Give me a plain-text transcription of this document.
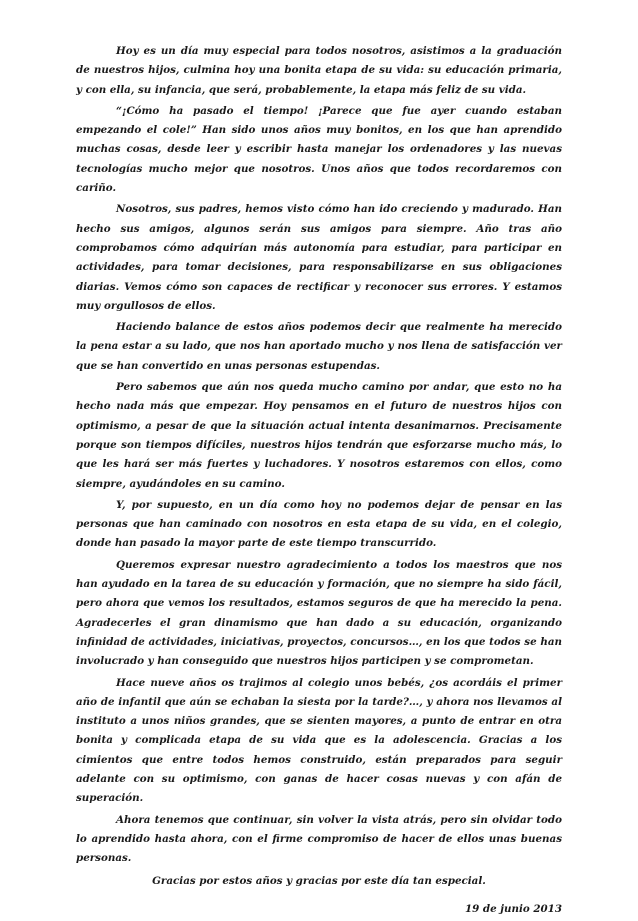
Hoy es un día muy especial para todos nosotros, asistimos a la graduación de nuestros hijos, culmina hoy una bonita etapa de su vida: su educación primaria, y con ella, su infancia, que será, probablemente, la etapa más feliz de su vida.

“¡Cómo ha pasado el tiempo! ¡Parece que fue ayer cuando estaban empezando el cole!” Han sido unos años muy bonitos, en los que han aprendido muchas cosas, desde leer y escribir hasta manejar los ordenadores y las nuevas tecnologías mucho mejor que nosotros. Unos años que todos recordaremos con cariño.

Nosotros, sus padres, hemos visto cómo han ido creciendo y madurado. Han hecho sus amigos, algunos serán sus amigos para siempre. Año tras año comprobamos cómo adquirían más autonomía para estudiar, para participar en actividades, para tomar decisiones, para responsabilizarse en sus obligaciones diarias. Vemos cómo son capaces de rectificar y reconocer sus errores. Y estamos muy orgullosos de ellos.

Haciendo balance de estos años podemos decir que realmente ha merecido la pena estar a su lado, que nos han aportado mucho y nos llena de satisfacción ver que se han convertido en unas personas estupendas.

Pero sabemos que aún nos queda mucho camino por andar, que esto no ha hecho nada más que empezar. Hoy pensamos en el futuro de nuestros hijos con optimismo, a pesar de que la situación actual intenta desanimarnos. Precisamente porque son tiempos difíciles, nuestros hijos tendrán que esforzarse mucho más, lo que les hará ser más fuertes y luchadores. Y nosotros estaremos con ellos, como siempre, ayudándoles en su camino.

Y, por supuesto, en un día como hoy no podemos dejar de pensar en las personas que han caminado con nosotros en esta etapa de su vida, en el colegio, donde han pasado la mayor parte de este tiempo transcurrido.

Queremos expresar nuestro agradecimiento a todos los maestros que nos han ayudado en la tarea de su educación y formación, que no siempre ha sido fácil, pero ahora que vemos los resultados, estamos seguros de que ha merecido la pena. Agradecerles el gran dinamismo que han dado a su educación, organizando infinidad de actividades, iniciativas, proyectos, concursos…, en los que todos se han involucrado y han conseguido que nuestros hijos participen y se comprometan.

Hace nueve años os trajimos al colegio unos bebés, ¿os acordáis el primer año de infantil que aún se echaban la siesta por la tarde?…, y ahora nos llevamos al instituto a unos niños grandes, que se sienten mayores, a punto de entrar en otra bonita y complicada etapa de su vida que es la adolescencia. Gracias a los cimientos que entre todos hemos construido, están preparados para seguir adelante con su optimismo, con ganas de hacer cosas nuevas y con afán de superación.

Ahora tenemos que continuar, sin volver la vista atrás, pero sin olvidar todo lo aprendido hasta ahora, con el firme compromiso de hacer de ellos unas buenas personas.

Gracias por estos años y gracias por este día tan especial.

19 de junio 2013
